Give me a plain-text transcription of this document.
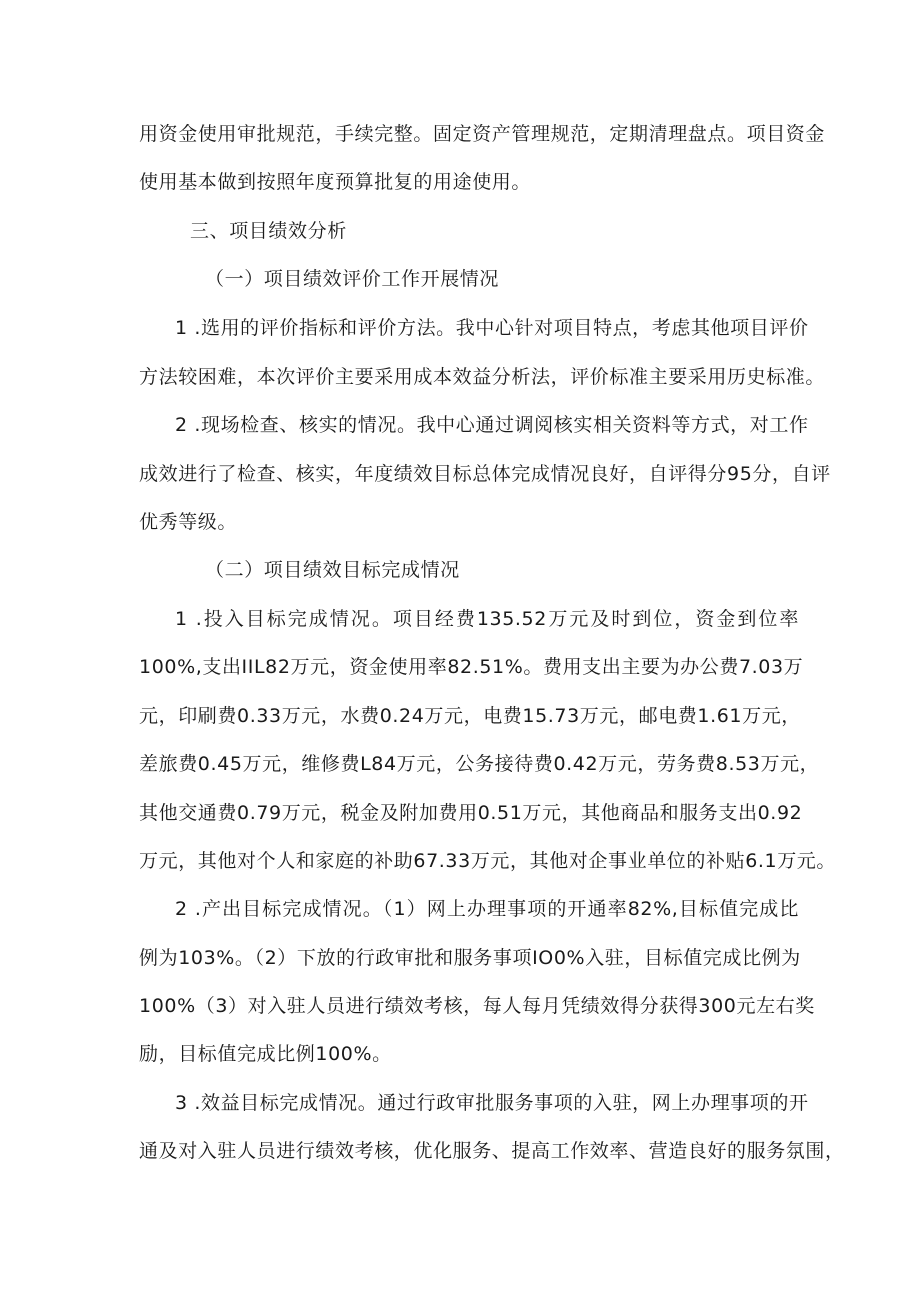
用资金使用审批规范，手续完整。固定资产管理规范，定期清理盘点。项目资金
使用基本做到按照年度预算批复的用途使用。
三、项目绩效分析
（一）项目绩效评价工作开展情况
1 .选用的评价指标和评价方法。我中心针对项目特点，考虑其他项目评价
方法较困难，本次评价主要采用成本效益分析法，评价标准主要采用历史标准。
2 .现场检查、核实的情况。我中心通过调阅核实相关资料等方式，对工作
成效进行了检查、核实，年度绩效目标总体完成情况良好，自评得分95分，自评
优秀等级。
（二）项目绩效目标完成情况
1 .投入目标完成情况。项目经费135.52万元及时到位，资金到位率
100%,支出IIL82万元，资金使用率82.51%。费用支出主要为办公费7.03万
元，印刷费0.33万元，水费0.24万元，电费15.73万元，邮电费1.61万元，
差旅费0.45万元，维修费L84万元，公务接待费0.42万元，劳务费8.53万元，
其他交通费0.79万元，税金及附加费用0.51万元，其他商品和服务支出0.92
万元，其他对个人和家庭的补助67.33万元，其他对企事业单位的补贴6.1万元。
2 .产出目标完成情况。（1）网上办理事项的开通率82%,目标值完成比
例为103%。（2）下放的行政审批和服务事项IO0%入驻，目标值完成比例为
100%（3）对入驻人员进行绩效考核，每人每月凭绩效得分获得300元左右奖
励，目标值完成比例100%。
3 .效益目标完成情况。通过行政审批服务事项的入驻，网上办理事项的开
通及对入驻人员进行绩效考核，优化服务、提高工作效率、营造良好的服务氛围，
